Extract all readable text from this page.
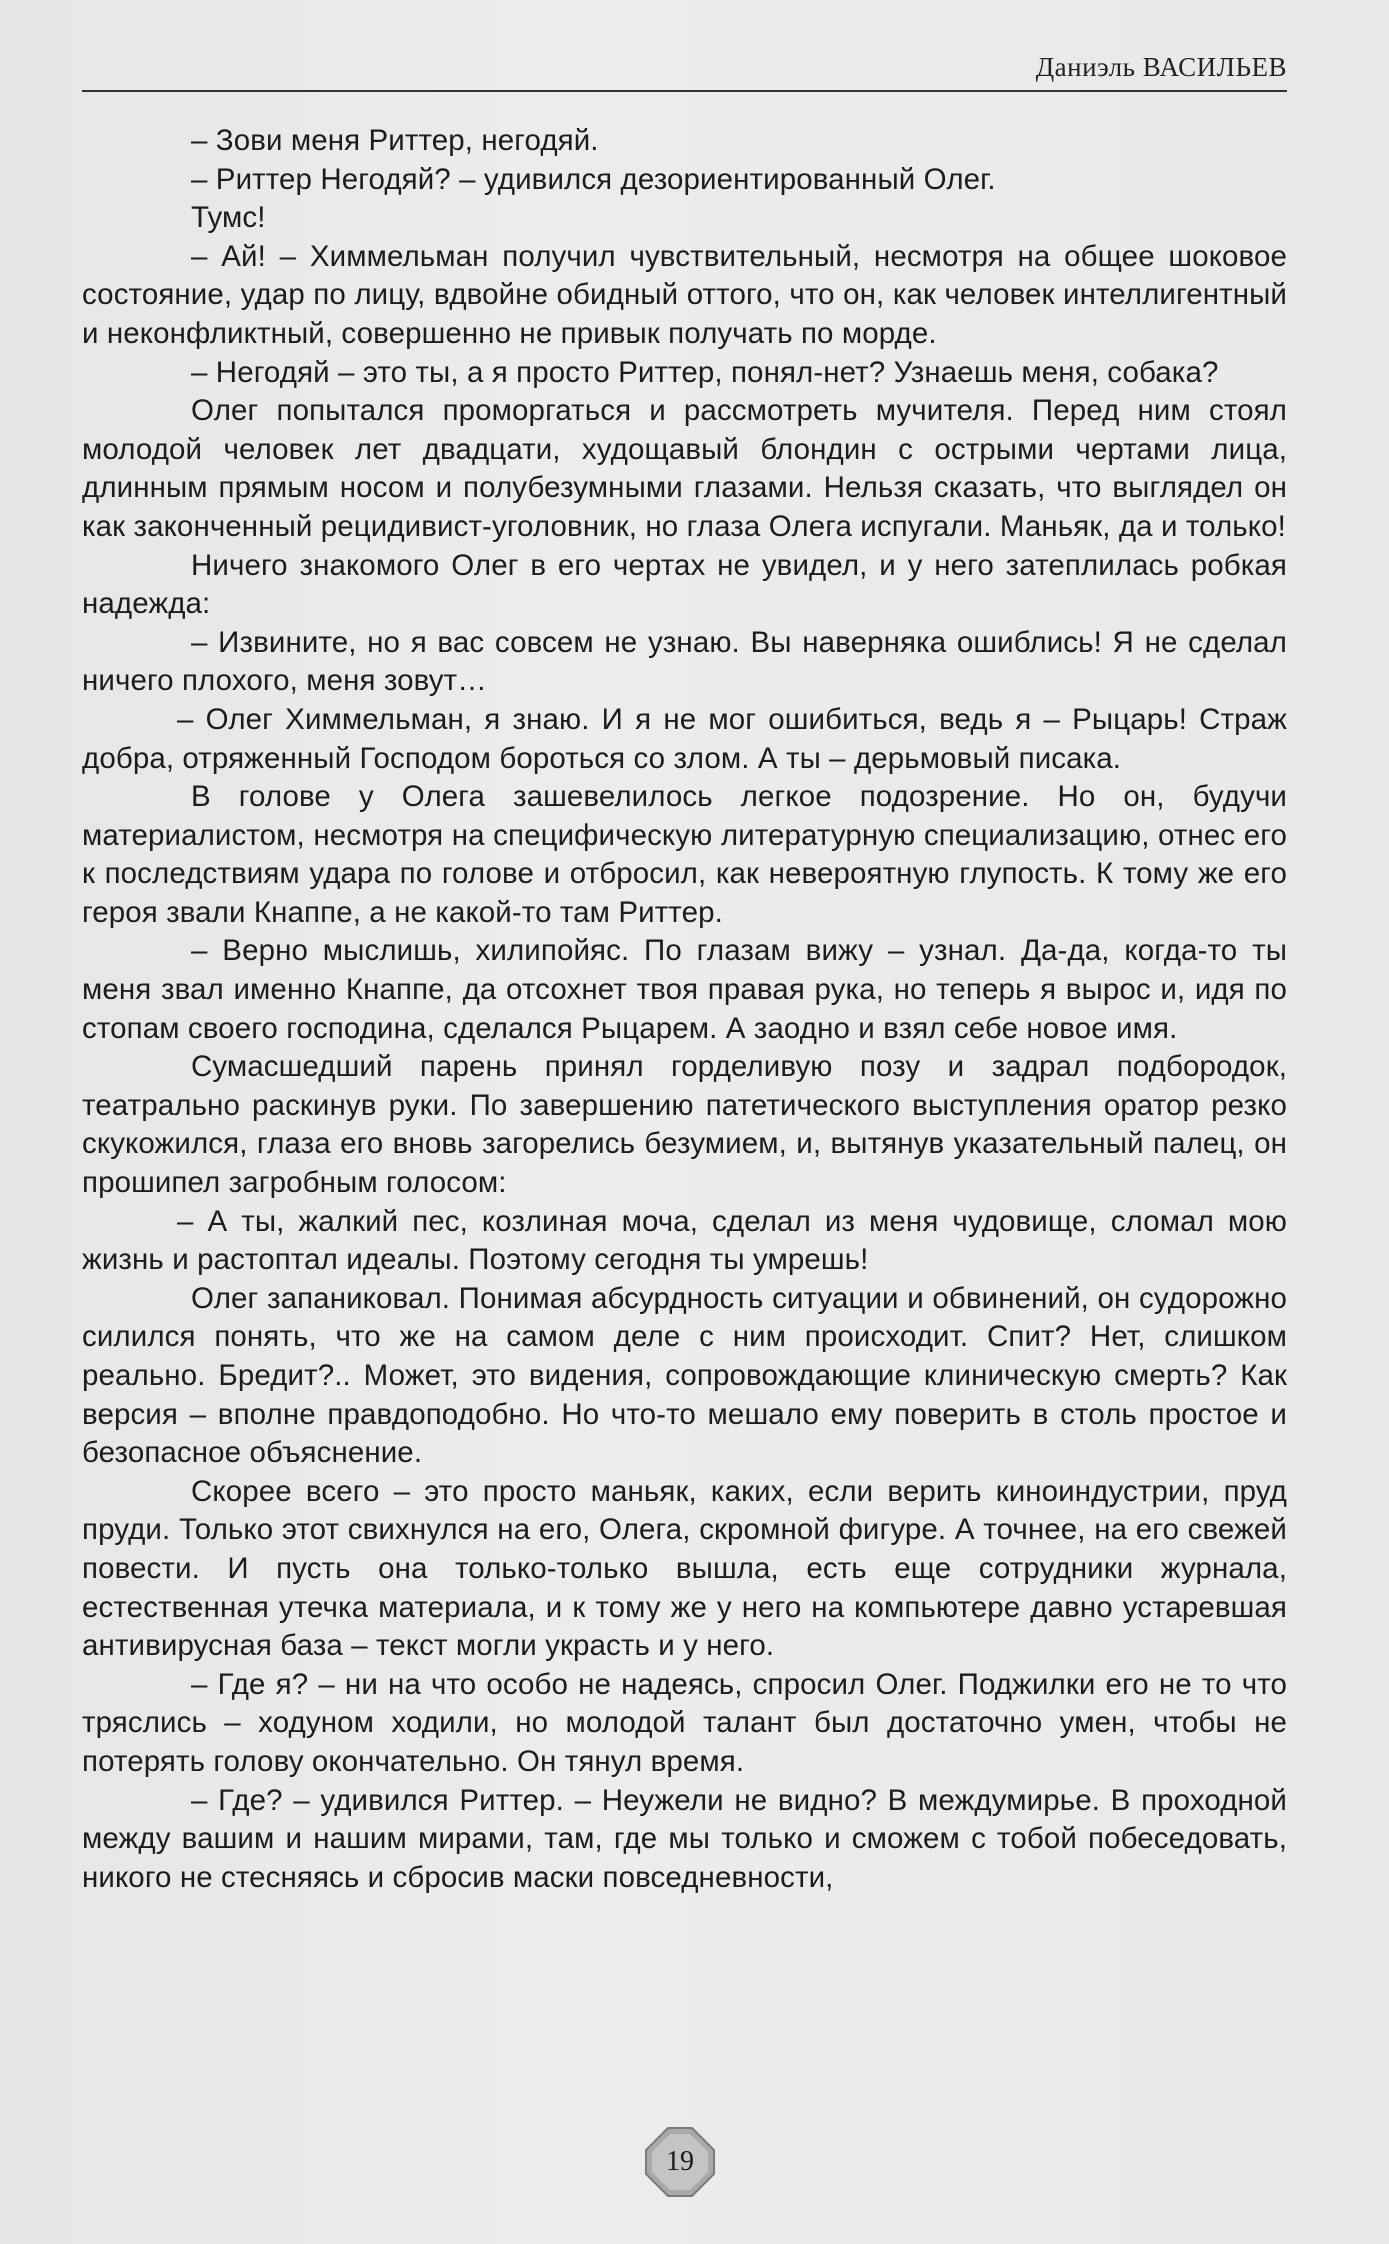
Даниэль ВАСИЛЬЕВ

– Зови меня Риттер, негодяй.

– Риттер Негодяй? – удивился дезориентированный Олег.

Тумс!

– Ай! – Химмельман получил чувствительный, несмотря на общее шоковое состояние, удар по лицу, вдвойне обидный оттого, что он, как человек интеллигентный и неконфликтный, совершенно не привык получать по морде.

– Негодяй – это ты, а я просто Риттер, понял-нет? Узнаешь меня, собака?

Олег попытался проморгаться и рассмотреть мучителя. Перед ним стоял молодой человек лет двадцати, худощавый блондин с острыми чертами лица, длинным прямым носом и полубезумными глазами. Нельзя сказать, что выглядел он как законченный рецидивист-уголовник, но глаза Олега испугали. Маньяк, да и только!

Ничего знакомого Олег в его чертах не увидел, и у него затеплилась робкая надежда:

– Извините, но я вас совсем не узнаю. Вы наверняка ошиблись! Я не сделал ничего плохого, меня зовут…

– Олег Химмельман, я знаю. И я не мог ошибиться, ведь я – Рыцарь! Страж добра, отряженный Господом бороться со злом. А ты – дерьмовый писака.

В голове у Олега зашевелилось легкое подозрение. Но он, будучи материалистом, несмотря на специфическую литературную специализацию, отнес его к последствиям удара по голове и отбросил, как невероятную глупость. К тому же его героя звали Кнаппе, а не какой-то там Риттер.

– Верно мыслишь, хилипойяс. По глазам вижу – узнал. Да-да, когда-то ты меня звал именно Кнаппе, да отсохнет твоя правая рука, но теперь я вырос и, идя по стопам своего господина, сделался Рыцарем. А заодно и взял себе новое имя.

Сумасшедший парень принял горделивую позу и задрал подбородок, театрально раскинув руки. По завершению патетического выступления оратор резко скукожился, глаза его вновь загорелись безумием, и, вытянув указательный палец, он прошипел загробным голосом:

– А ты, жалкий пес, козлиная моча, сделал из меня чудовище, сломал мою жизнь и растоптал идеалы. Поэтому сегодня ты умрешь!

Олег запаниковал. Понимая абсурдность ситуации и обвинений, он судорожно силился понять, что же на самом деле с ним происходит. Спит? Нет, слишком реально. Бредит?.. Может, это видения, сопровождающие клиническую смерть? Как версия – вполне правдоподобно. Но что-то мешало ему поверить в столь простое и безопасное объяснение.

Скорее всего – это просто маньяк, каких, если верить киноиндустрии, пруд пруди. Только этот свихнулся на его, Олега, скромной фигуре. А точнее, на его свежей повести. И пусть она только-только вышла, есть еще сотрудники журнала, естественная утечка материала, и к тому же у него на компьютере давно устаревшая антивирусная база – текст могли украсть и у него.

– Где я? – ни на что особо не надеясь, спросил Олег. Поджилки его не то что тряслись – ходуном ходили, но молодой талант был достаточно умен, чтобы не потерять голову окончательно. Он тянул время.

– Где? – удивился Риттер. – Неужели не видно? В междумирье. В проходной между вашим и нашим мирами, там, где мы только и сможем с тобой побеседовать, никого не стесняясь и сбросив маски повседневности,

19
